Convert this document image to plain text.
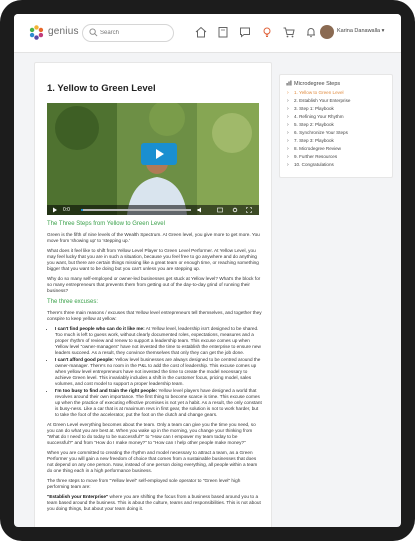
genius
Search	Karina Danawalla ▾
1. Yellow to Green Level
0:0

The Three Steps from Yellow to Green Level

Green is the fifth of nine levels of the Wealth Spectrum. At Green level, you give more to get more. You move from 'showing up' to 'stepping up.'

What does it feel like to shift from Yellow Level Player to Green Level Performer. At Yellow Level, you may feel lucky that you are in such a situation, because you feel free to go anywhere and do anything you want, but there are certain things missing like a great team or enough time, or reaching something bigger that you want to be doing but you can't unless you are stepping up.

Why do so many self-employed or owner-led businesses get stuck at Yellow level? What's the block for so many entrepreneurs that prevents them from getting out of the day-to-day grind of running their business?

The three excuses:

There's three main reasons / excuses that Yellow level entrepreneurs tell themselves, and together they conspire to keep yellow at yellow:

• I can't find people who can do it like me: At Yellow level, leadership isn't designed to be shared. Too much is left to guess work, without clearly documented roles, expectations, measures and a proper rhythm of review and renew to support a leadership team. This excuse comes up when Yellow level "owner-managers" have not invested the time to establish the enterprise to ensure new leaders succeed. As a result, they convince themselves that only they can get the job done.
• I can't afford good people: Yellow level businesses are always designed to be centred around the owner-manager. There's no room in the P&L to add the cost of leadership. This excuse comes up when yellow level entrepreneurs have not invested the time to create the model necessary to achieve Green level. This invariably includes a shift in the customer focus, pricing model, sales volumes, and cost model to support a proper leadership team.
• I'm too busy to find and train the right people: Yellow level players have designed a world that revolves around their own importance. The first thing to become scarce is time. This excuse comes up when the practice of executing effective promises is not yet a habit. As a result, the only constant is busy-ness. Like a car that is at maximum revs in first gear, the solution is not to work harder, but to take the foot of the accelerator, put the foot on the clutch and change gears.

At Green Level everything becomes about the team. Only a team can give you the time you need, so you can do what you are best at. When you wake up in the morning, you change your thinking from "What do I need to do today to be successful?" to "How can I empower my team today to be successful?" and from "How do I make money?" to "How can I help other people make money?"

When you are committed to creating the rhythm and model necessary to attract a team, as a Green Performer you will gain a new freedom of choice that comes from a sustainable businesses that does not depend on any one person. Now, instead of one person doing everything, all people within a team do one thing each in a high performance business.

The three steps to move from "Yellow level" self-employed sole operator to "Green level" high performing team are:

"Establish your Enterprise" where you are shifting the focus from a business based around you to a team based around the business. This is about the culture, teams and responsibilities. This is not about you doing things, but about your team doing it.

Microdegree Steps
› 1. Yellow to Green Level
› 2. Establish Your Enterprise
› 3. Step 1: Playbook
› 4. Refining Your Rhythm
› 5. Step 2: Playbook
› 6. Synchronize Your Steps
› 7. Step 3: Playbook
› 8. Microdegree Review
› 9. Further Resources
› 10. Congratulations
